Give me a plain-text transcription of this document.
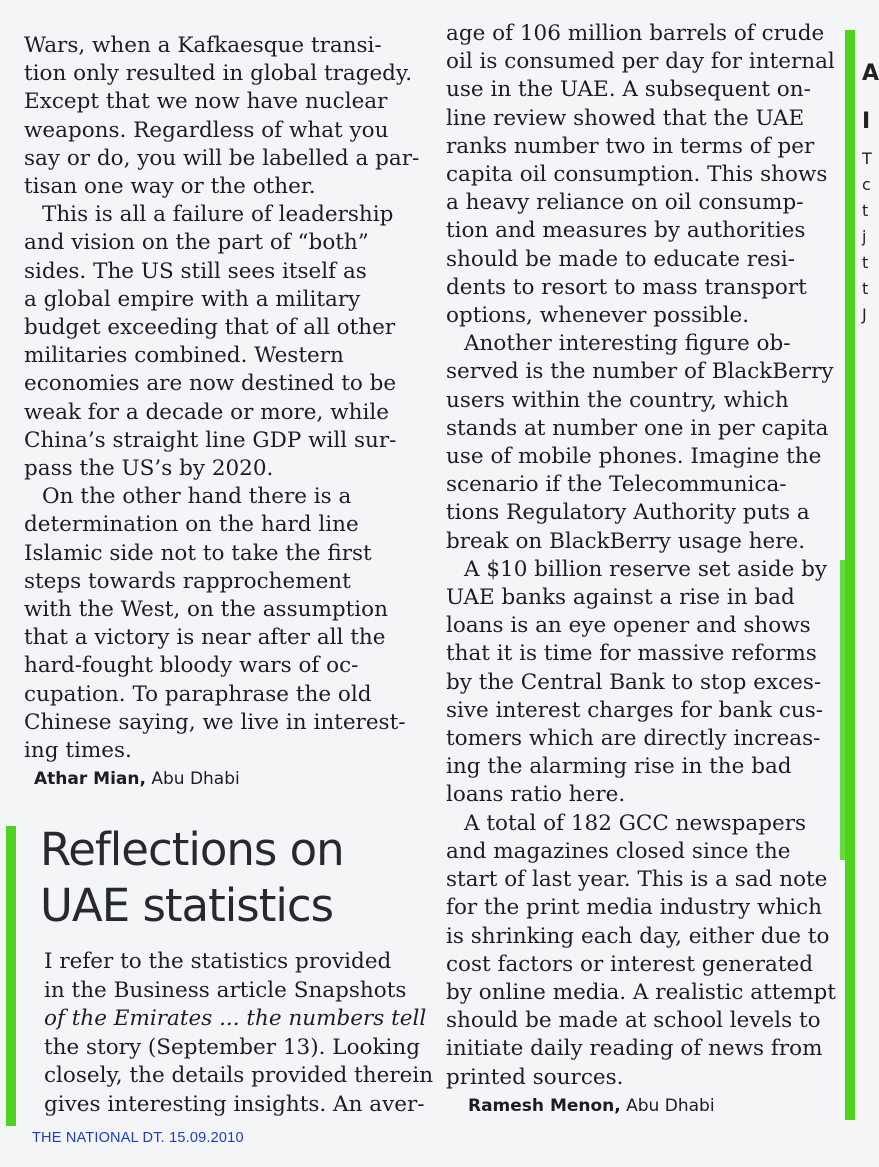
Wars, when a Kafkaesque transi-
tion only resulted in global tragedy.
Except that we now have nuclear
weapons. Regardless of what you
say or do, you will be labelled a par-
tisan one way or the other.
This is all a failure of leadership
and vision on the part of “both”
sides. The US still sees itself as
a global empire with a military
budget exceeding that of all other
militaries combined. Western
economies are now destined to be
weak for a decade or more, while
China’s straight line GDP will sur-
pass the US’s by 2020.
On the other hand there is a
determination on the hard line
Islamic side not to take the first
steps towards rapprochement
with the West, on the assumption
that a victory is near after all the
hard-fought bloody wars of oc-
cupation. To paraphrase the old
Chinese saying, we live in interest-
ing times.
Athar Mian, Abu Dhabi
Reflections on
UAE statistics
I refer to the statistics provided
in the Business article Snapshots
of the Emirates ... the numbers tell
the story (September 13). Looking
closely, the details provided therein
gives interesting insights. An aver-
age of 106 million barrels of crude
oil is consumed per day for internal
use in the UAE. A subsequent on-
line review showed that the UAE
ranks number two in terms of per
capita oil consumption. This shows
a heavy reliance on oil consump-
tion and measures by authorities
should be made to educate resi-
dents to resort to mass transport
options, whenever possible.
Another interesting figure ob-
served is the number of BlackBerry
users within the country, which
stands at number one in per capita
use of mobile phones. Imagine the
scenario if the Telecommunica-
tions Regulatory Authority puts a
break on BlackBerry usage here.
A $10 billion reserve set aside by
UAE banks against a rise in bad
loans is an eye opener and shows
that it is time for massive reforms
by the Central Bank to stop exces-
sive interest charges for bank cus-
tomers which are directly increas-
ing the alarming rise in the bad
loans ratio here.
A total of 182 GCC newspapers
and magazines closed since the
start of last year. This is a sad note
for the print media industry which
is shrinking each day, either due to
cost factors or interest generated
by online media. A realistic attempt
should be made at school levels to
initiate daily reading of news from
printed sources.
Ramesh Menon, Abu Dhabi
A
I
T
c
t
j
t
t
J
THE NATIONAL DT. 15.09.2010
